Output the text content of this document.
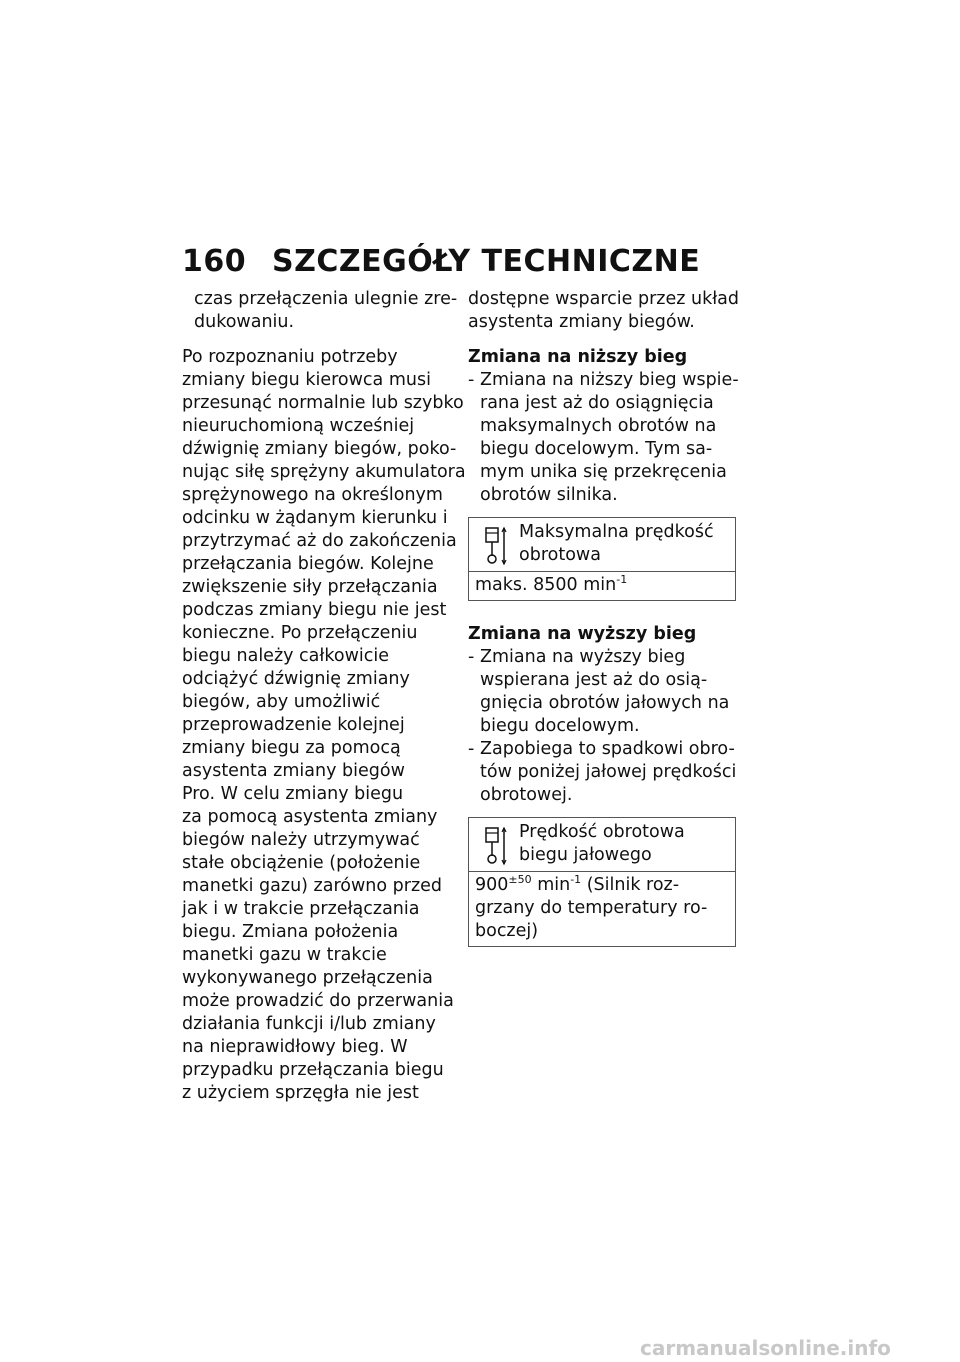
160 SZCZEGÓŁY TECHNICZNE
czas przełączenia ulegnie zre-
dukowaniu.
Po rozpoznaniu potrzeby
zmiany biegu kierowca musi
przesunąć normalnie lub szybko
nieuruchomioną wcześniej
dźwignię zmiany biegów, poko-
nując siłę sprężyny akumulatora
sprężynowego na określonym
odcinku w żądanym kierunku i
przytrzymać aż do zakończenia
przełączania biegów. Kolejne
zwiększenie siły przełączania
podczas zmiany biegu nie jest
konieczne. Po przełączeniu
biegu należy całkowicie
odciążyć dźwignię zmiany
biegów, aby umożliwić
przeprowadzenie kolejnej
zmiany biegu za pomocą
asystenta zmiany biegów
Pro. W celu zmiany biegu
za pomocą asystenta zmiany
biegów należy utrzymywać
stałe obciążenie (położenie
manetki gazu) zarówno przed
jak i w trakcie przełączania
biegu. Zmiana położenia
manetki gazu w trakcie
wykonywanego przełączenia
może prowadzić do przerwania
działania funkcji i/lub zmiany
na nieprawidłowy bieg. W
przypadku przełączania biegu
z użyciem sprzęgła nie jest
dostępne wsparcie przez układ
asystenta zmiany biegów.
Zmiana na niższy bieg
- Zmiana na niższy bieg wspie-
rana jest aż do osiągnięcia
maksymalnych obrotów na
biegu docelowym. Tym sa-
mym unika się przekręcenia
obrotów silnika.
Maksymalna prędkość
obrotowa
maks. 8500 $\min^{-1}$
Zmiana na wyższy bieg
- Zmiana na wyższy bieg
wspierana jest aż do osią-
gnięcia obrotów jałowych na
biegu docelowym.
- Zapobiega to spadkowi obro-
tów poniżej jałowej prędkości
obrotowej.
Prędkość obrotowa
biegu jałowego
$900^{\pm 50}$ $\min^{-1}$ (Silnik roz-
grzany do temperatury ro-
boczej)
carmanualsonline.info
